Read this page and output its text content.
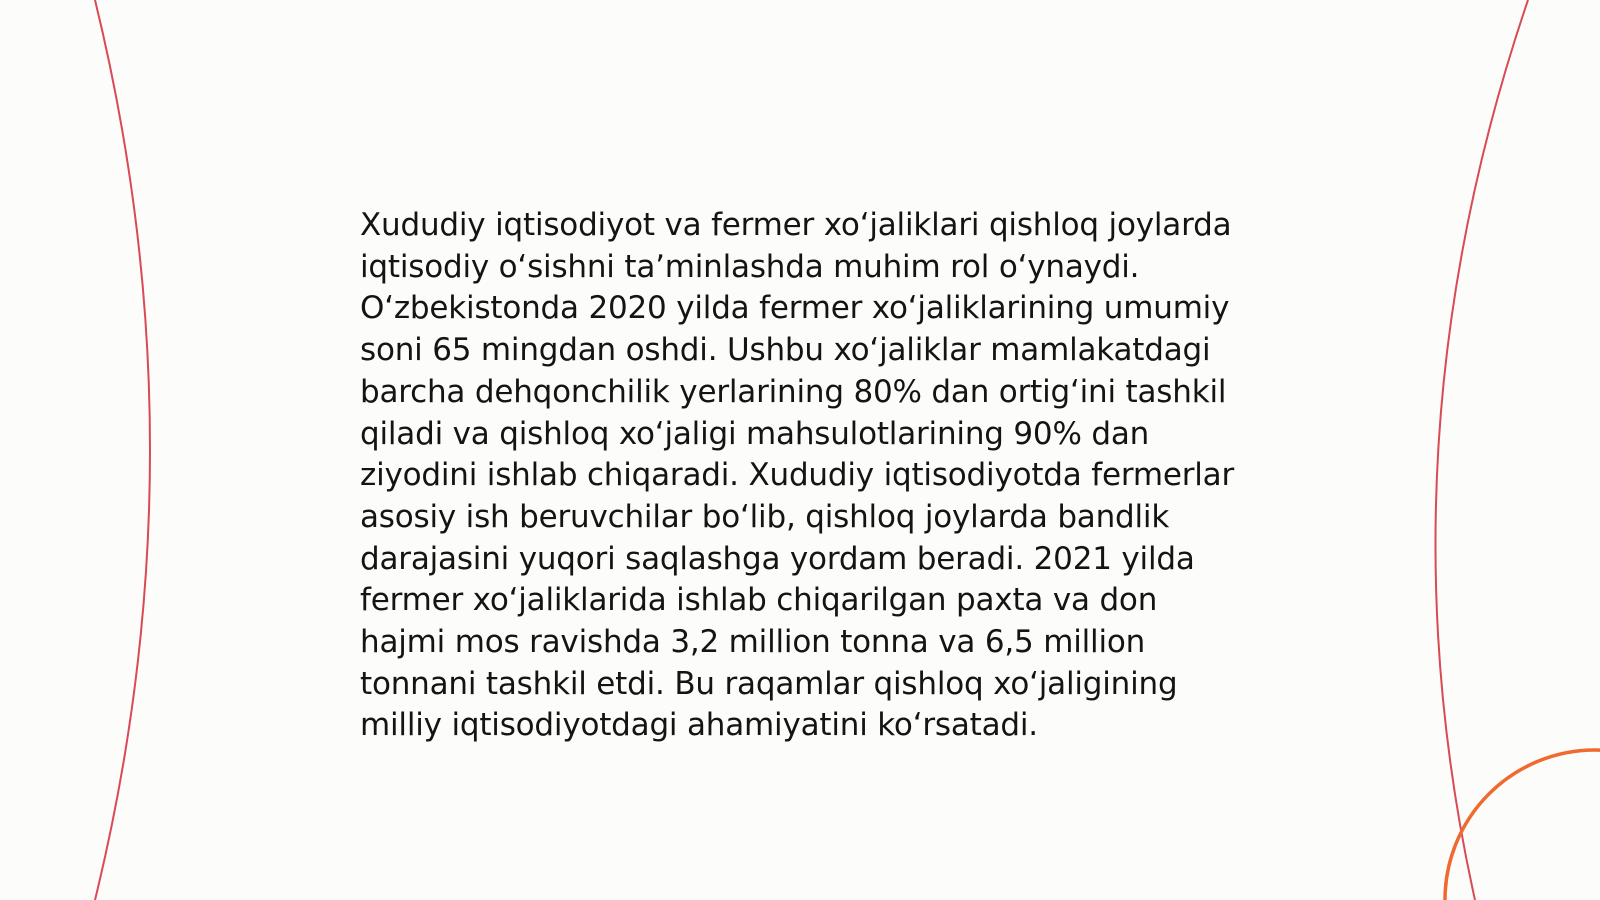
Xududiy iqtisodiyot va fermer xo‘jaliklari qishloq joylarda iqtisodiy o‘sishni ta’minlashda muhim rol o‘ynaydi. O‘zbekistonda 2020 yilda fermer xo‘jaliklarining umumiy soni 65 mingdan oshdi. Ushbu xo‘jaliklar mamlakatdagi barcha dehqonchilik yerlarining 80% dan ortig‘ini tashkil qiladi va qishloq xo‘jaligi mahsulotlarining 90% dan ziyodini ishlab chiqaradi. Xududiy iqtisodiyotda fermerlar asosiy ish beruvchilar bo‘lib, qishloq joylarda bandlik darajasini yuqori saqlashga yordam beradi. 2021 yilda fermer xo‘jaliklarida ishlab chiqarilgan paxta va don hajmi mos ravishda 3,2 million tonna va 6,5 million tonnani tashkil etdi. Bu raqamlar qishloq xo‘jaligining milliy iqtisodiyotdagi ahamiyatini ko‘rsatadi.
